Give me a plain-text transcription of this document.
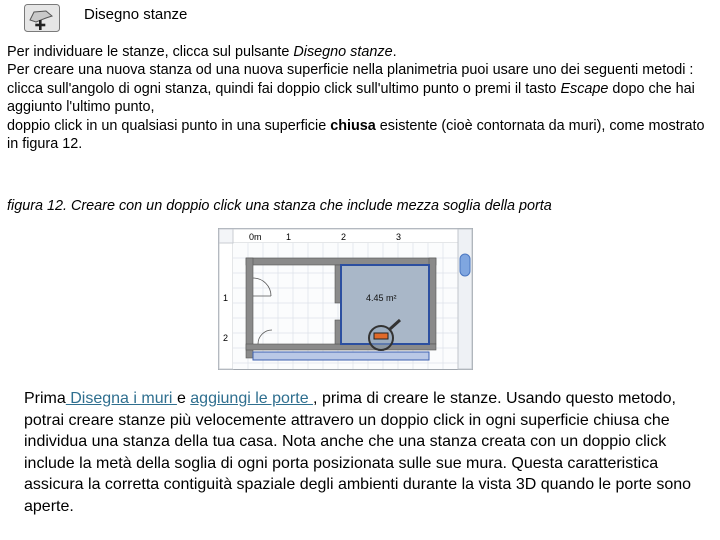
Disegno stanze

Per individuare le stanze, clicca sul pulsante Disegno stanze.

Per creare una nuova stanza od una nuova superficie nella planimetria puoi usare uno dei seguenti metodi :

clicca sull'angolo di ogni stanza, quindi fai doppio click sull'ultimo punto o premi il tasto Escape dopo che hai aggiunto l'ultimo punto,

doppio click in un qualsiasi punto in una superficie chiusa esistente (cioè contornata da muri), come mostrato in figura 12.

figura 12. Creare con un doppio click una stanza che include mezza soglia della porta
0m	1	2	3
1
2
4.45 m²

Prima Disegna i muri e aggiungi le porte , prima di creare le stanze. Usando questo metodo, potrai creare stanze più velocemente attravero un doppio click in ogni superficie chiusa che individua una stanza della tua casa. Nota anche che una stanza creata con un doppio click include la metà della soglia di ogni porta posizionata sulle sue mura. Questa caratteristica assicura la corretta contiguità spaziale degli ambienti durante la vista 3D quando le porte sono aperte.
